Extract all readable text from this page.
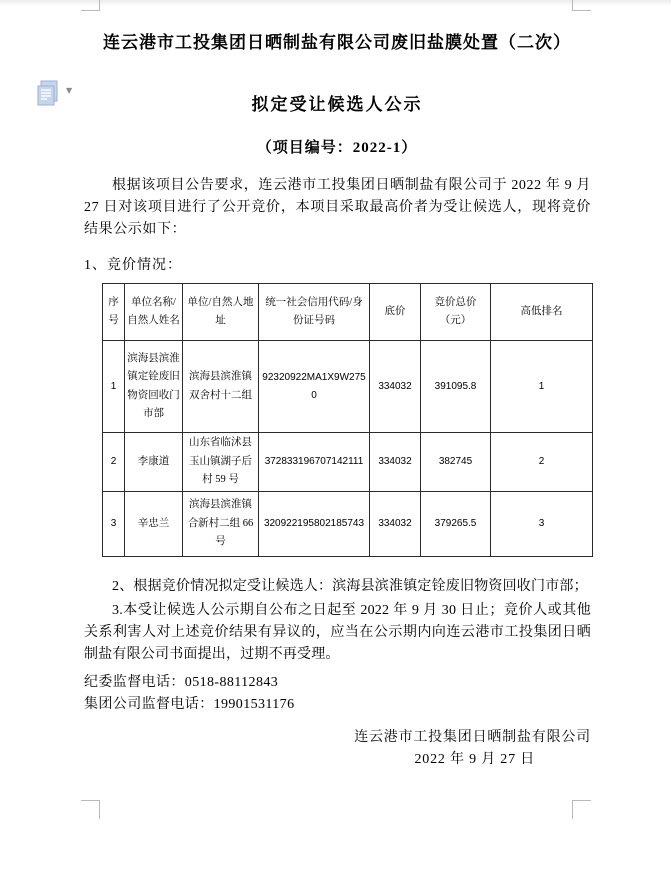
▼
连云港市工投集团日晒制盐有限公司废旧盐膜处置（二次）
拟定受让候选人公示
（项目编号：2022-1）
根据该项目公告要求，连云港市工投集团日晒制盐有限公司于 2022 年 9 月 27 日对该项目进行了公开竞价，本项目采取最高价者为受让候选人，现将竞价结果公示如下：
1、竞价情况：
序号	单位名称/自然人姓名	单位/自然人地址	统一社会信用代码/身份证号码	底价	竞价总价（元）	高低排名
1	滨海县滨淮镇定铨废旧物资回收门市部	滨海县滨淮镇双舍村十二组	92320922MA1X9W2750	334032	391095.8	1
2	李康道	山东省临沭县玉山镇湖子后村 59 号	372833196707142111	334032	382745	2
3	辛忠兰	滨海县滨淮镇合新村二组 66 号	320922195802185743	334032	379265.5	3
2、根据竞价情况拟定受让候选人：滨海县滨淮镇定铨废旧物资回收门市部；
3.本受让候选人公示期自公布之日起至 2022 年 9 月 30 日止；竞价人或其他关系利害人对上述竞价结果有异议的，应当在公示期内向连云港市工投集团日晒制盐有限公司书面提出，过期不再受理。
纪委监督电话：0518-88112843
集团公司监督电话：19901531176
连云港市工投集团日晒制盐有限公司
2022 年 9 月 27 日
